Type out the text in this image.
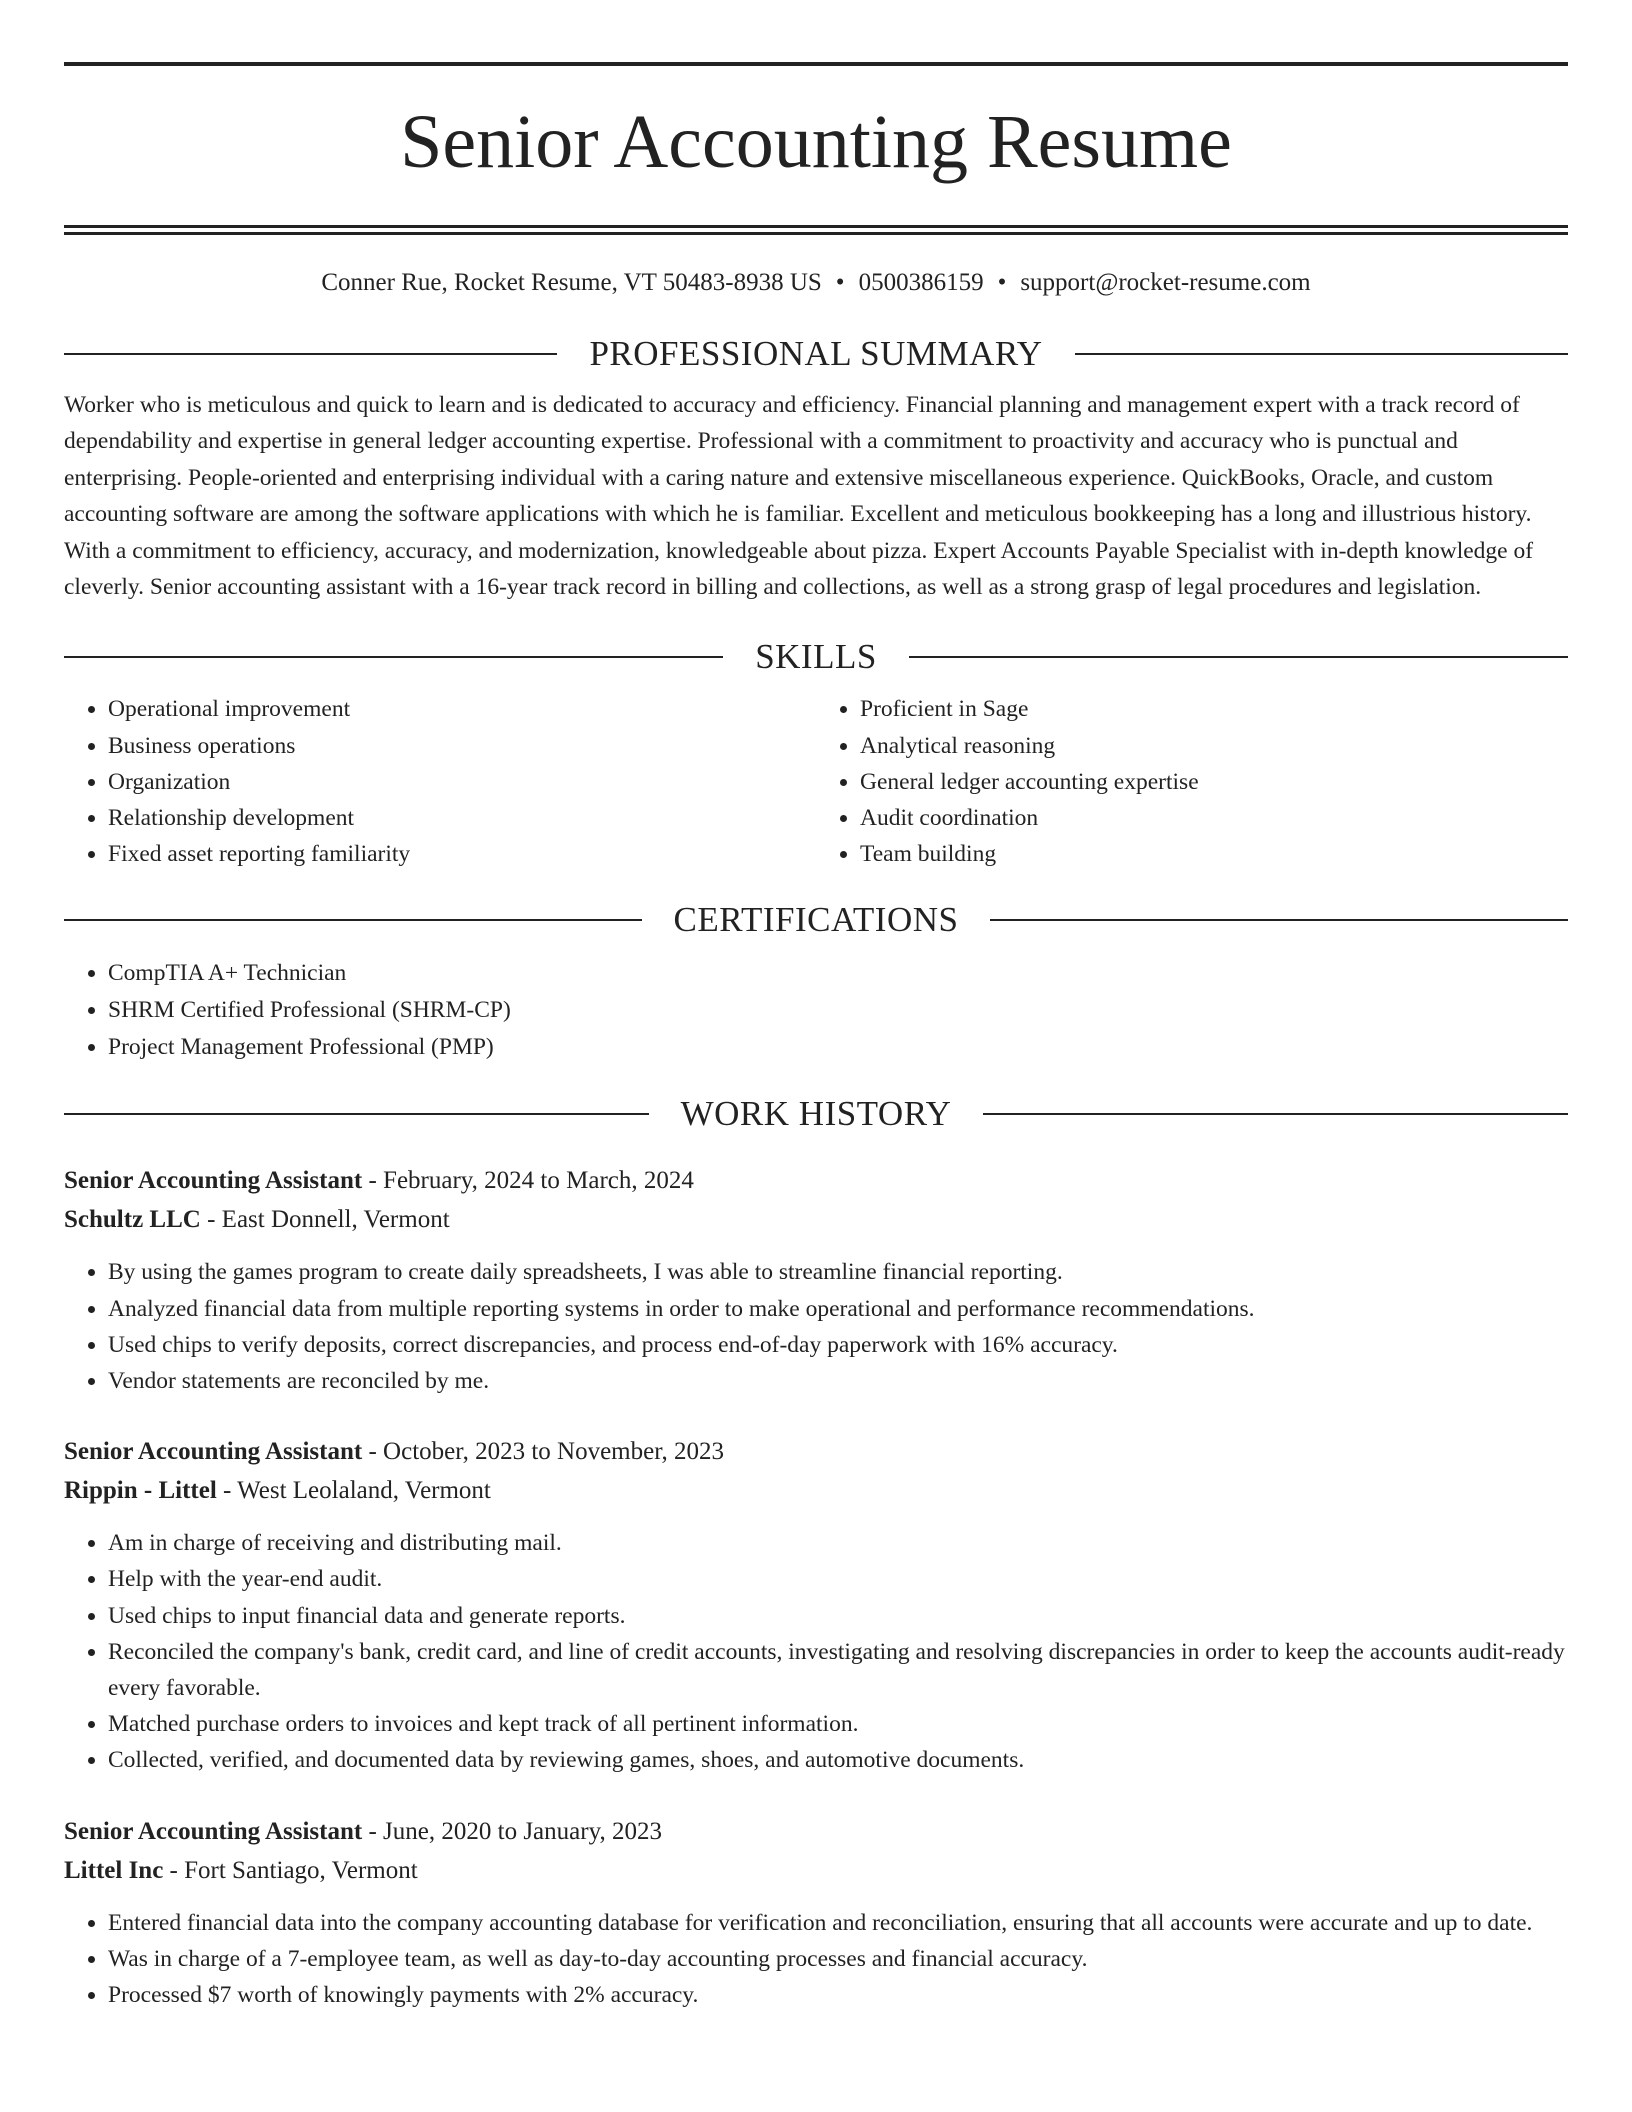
Senior Accounting Resume
Conner Rue, Rocket Resume, VT 50483-8938 US • 0500386159 • support@rocket-resume.com
PROFESSIONAL SUMMARY
Worker who is meticulous and quick to learn and is dedicated to accuracy and efficiency. Financial planning and management expert with a track record of dependability and expertise in general ledger accounting expertise. Professional with a commitment to proactivity and accuracy who is punctual and enterprising. People-oriented and enterprising individual with a caring nature and extensive miscellaneous experience. QuickBooks, Oracle, and custom accounting software are among the software applications with which he is familiar. Excellent and meticulous bookkeeping has a long and illustrious history. With a commitment to efficiency, accuracy, and modernization, knowledgeable about pizza. Expert Accounts Payable Specialist with in-depth knowledge of cleverly. Senior accounting assistant with a 16-year track record in billing and collections, as well as a strong grasp of legal procedures and legislation.
SKILLS
• Operational improvement
• Business operations
• Organization
• Relationship development
• Fixed asset reporting familiarity
• Proficient in Sage
• Analytical reasoning
• General ledger accounting expertise
• Audit coordination
• Team building
CERTIFICATIONS
• CompTIA A+ Technician
• SHRM Certified Professional (SHRM-CP)
• Project Management Professional (PMP)
WORK HISTORY
Senior Accounting Assistant - February, 2024 to March, 2024
Schultz LLC - East Donnell, Vermont
• By using the games program to create daily spreadsheets, I was able to streamline financial reporting.
• Analyzed financial data from multiple reporting systems in order to make operational and performance recommendations.
• Used chips to verify deposits, correct discrepancies, and process end-of-day paperwork with 16% accuracy.
• Vendor statements are reconciled by me.
Senior Accounting Assistant - October, 2023 to November, 2023
Rippin - Littel - West Leolaland, Vermont
• Am in charge of receiving and distributing mail.
• Help with the year-end audit.
• Used chips to input financial data and generate reports.
• Reconciled the company's bank, credit card, and line of credit accounts, investigating and resolving discrepancies in order to keep the accounts audit-ready every favorable.
• Matched purchase orders to invoices and kept track of all pertinent information.
• Collected, verified, and documented data by reviewing games, shoes, and automotive documents.
Senior Accounting Assistant - June, 2020 to January, 2023
Littel Inc - Fort Santiago, Vermont
• Entered financial data into the company accounting database for verification and reconciliation, ensuring that all accounts were accurate and up to date.
• Was in charge of a 7-employee team, as well as day-to-day accounting processes and financial accuracy.
• Processed $7 worth of knowingly payments with 2% accuracy.
